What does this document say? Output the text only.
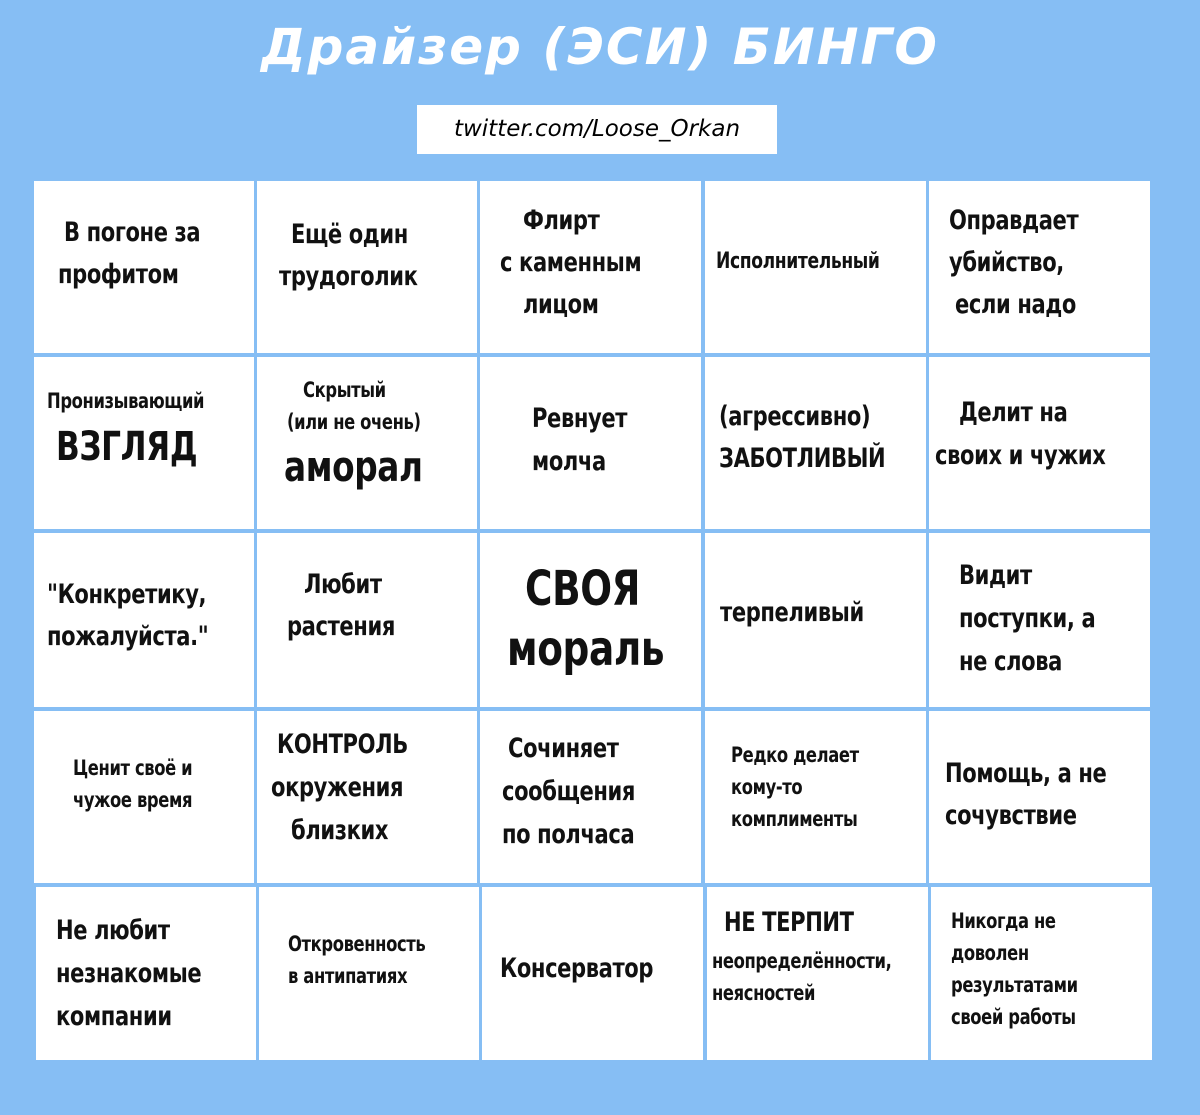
Драйзер (ЭСИ) БИНГО
twitter.com/Loose_Orkan
В погоне за
профитом
Ещё один
трудоголик
Флирт
с каменным
лицом
Исполнительный
Оправдает
убийство,
если надо
Пронизывающий
ВЗГЛЯД
Скрытый
(или не очень)
аморал
Ревнует
молча
(агрессивно)
ЗАБОТЛИВЫЙ
Делит на
своих и чужих
"Конкретику,
пожалуйста."
Любит
растения
СВОЯ
мораль
терпеливый
Видит
поступки, а
не слова
Ценит своё и
чужое время
КОНТРОЛЬ
окружения
близких
Сочиняет
сообщения
по полчаса
Редко делает
кому-то
комплименты
Помощь, а не
сочувствие
Не любит
незнакомые
компании
Откровенность
в антипатиях	Консерватор
НЕ ТЕРПИТ
неопределённости,
неясностей
Никогда не
доволен
результатами
своей работы
